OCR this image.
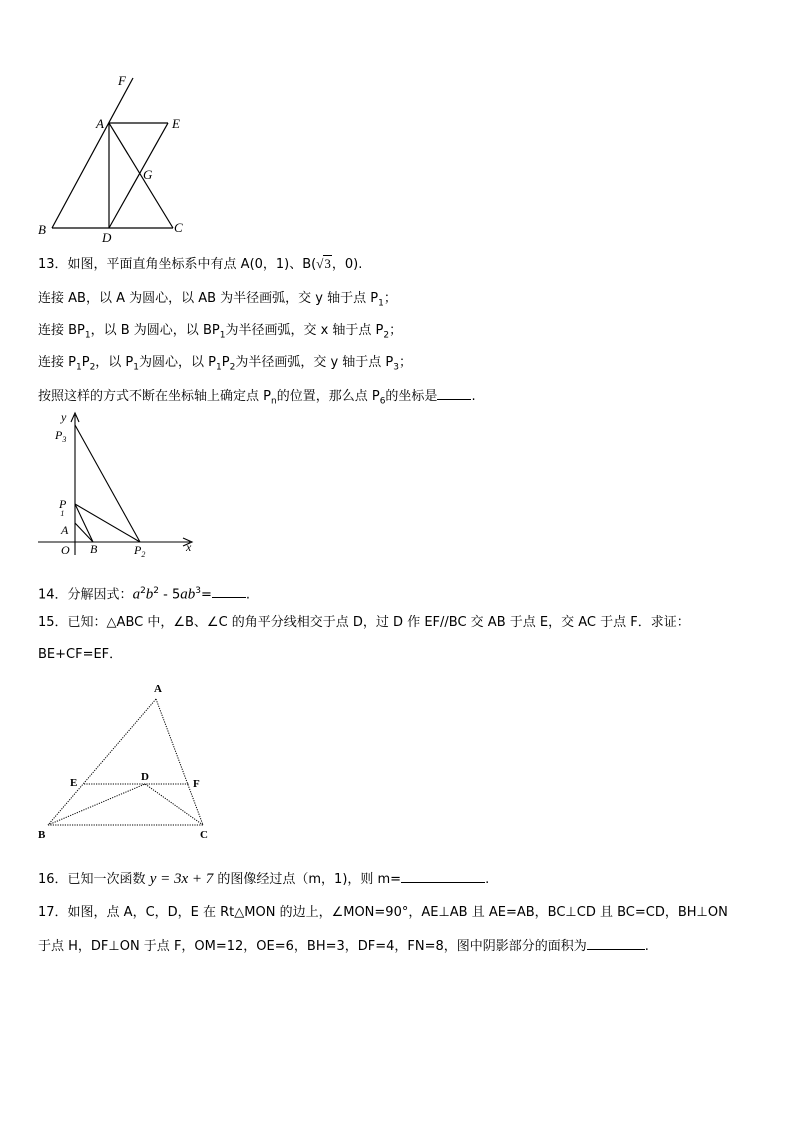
F
A	E
G
B
D
C
13．如图，平面直角坐标系中有点 A(0，1)、B(√3，0).
连接 AB，以 A 为圆心，以 AB 为半径画弧，交 y 轴于点 $P_1$；
连接 $BP_1$，以 B 为圆心，以 $BP_1$为半径画弧，交 x 轴于点 $P_2$；
连接 $P_1P_2$，以 $P_1$为圆心，以 $P_1P_2$为半径画弧，交 y 轴于点 $P_3$；
按照这样的方式不断在坐标轴上确定点 $P_n$的位置，那么点 $P_6$的坐标是	.
y
x
$P_3$
P 1
A
O B	$P_2$
14．分解因式：$a^2b^2 - 5ab^3=$	.
15．已知：△ABC 中，∠B、∠C 的角平分线相交于点 D，过 D 作 EF//BC 交 AB 于点 E，交 AC 于点 F．求证：
BE+CF=EF．
A
E	D
F
B	C
16．已知一次函数 y = 3x + 7 的图像经过点（m，1)，则 m=	.
17．如图，点 A，C，D，E 在 Rt△MON 的边上，∠MON=90°，AE⊥AB 且 AE=AB，BC⊥CD 且 BC=CD，BH⊥ON
于点 H，DF⊥ON 于点 F，OM=12，OE=6，BH=3，DF=4，FN=8，图中阴影部分的面积为	.
